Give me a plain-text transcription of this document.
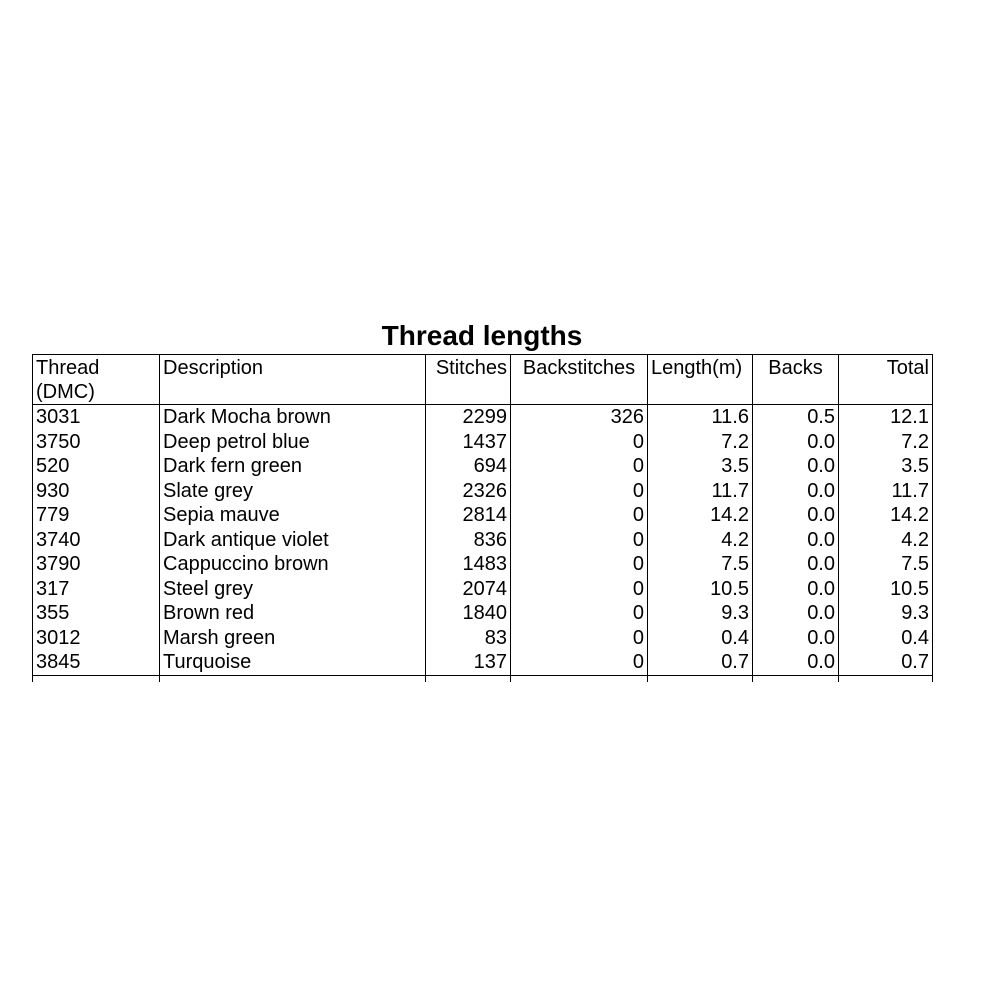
Thread lengths
Thread (DMC)	Description	Stitches	Backstitches	Length(m)	Backs	Total
3031	Dark Mocha brown	2299	326	11.6	0.5	12.1
3750	Deep petrol blue	1437	0	7.2	0.0	7.2
520	Dark fern green	694	0	3.5	0.0	3.5
930	Slate grey	2326	0	11.7	0.0	11.7
779	Sepia mauve	2814	0	14.2	0.0	14.2
3740	Dark antique violet	836	0	4.2	0.0	4.2
3790	Cappuccino brown	1483	0	7.5	0.0	7.5
317	Steel grey	2074	0	10.5	0.0	10.5
355	Brown red	1840	0	9.3	0.0	9.3
3012	Marsh green	83	0	0.4	0.0	0.4
3845	Turquoise	137	0	0.7	0.0	0.7
